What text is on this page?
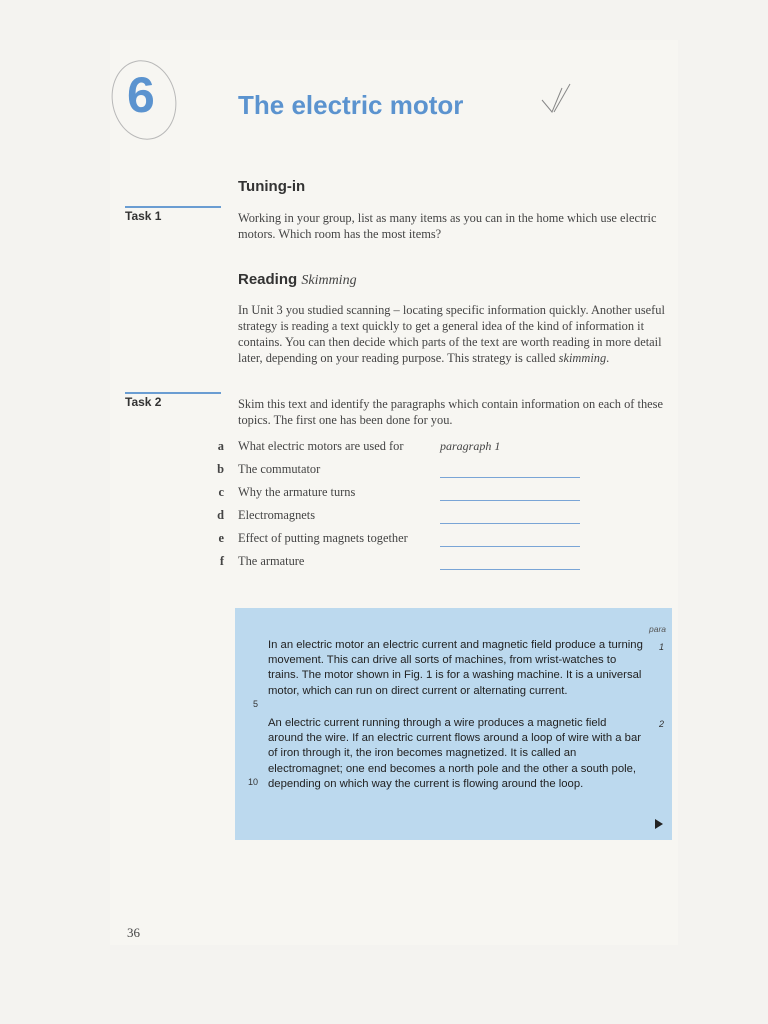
6	The electric motor
Tuning-in
Task 1	Working in your group, list as many items as you can in the home which use electric motors. Which room has the most items?
Reading Skimming
In Unit 3 you studied scanning – locating specific information quickly. Another useful strategy is reading a text quickly to get a general idea of the kind of information it contains. You can then decide which parts of the text are worth reading in more detail later, depending on your reading purpose. This strategy is called skimming.
Task 2	Skim this text and identify the paragraphs which contain information on each of these topics. The first one has been done for you.
a What electric motors are used for	paragraph 1
b The commutator
c Why the armature turns
d Electromagnets
e Effect of putting magnets together
f The armature
para
1
In an electric motor an electric current and magnetic field produce a turning movement. This can drive all sorts of machines, from wrist-watches to trains. The motor shown in Fig. 1 is for a washing machine. It is a universal motor, which can run on direct current or alternating current.
5
2
An electric current running through a wire produces a magnetic field around the wire. If an electric current flows around a loop of wire with a bar of iron through it, the iron becomes magnetized. It is called an electromagnet; one end becomes a north pole and the other a south pole, depending on which way the current is flowing around the loop.
10
36
